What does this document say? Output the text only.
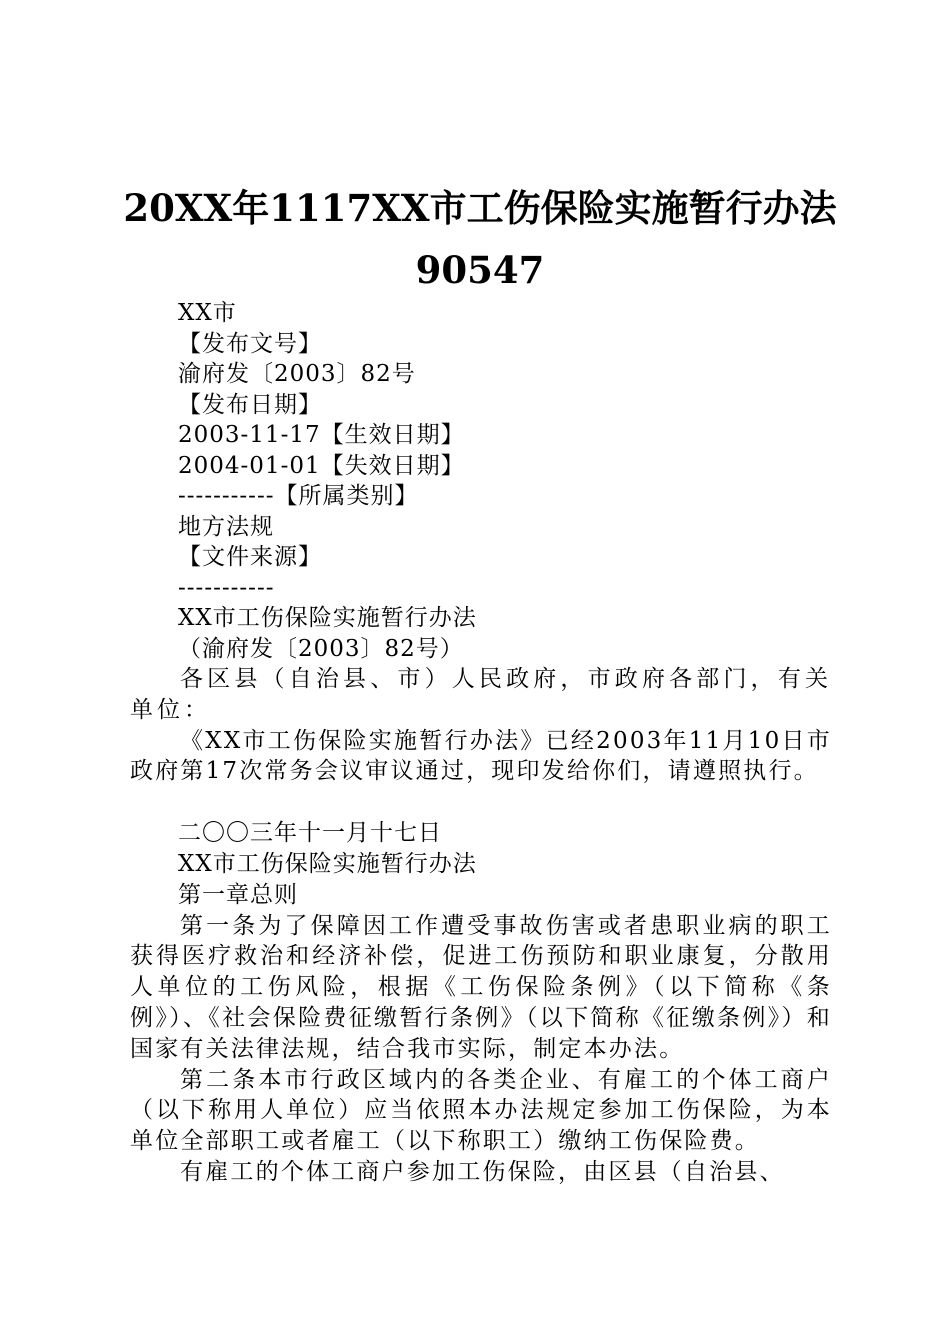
20XX年1117XX市工伤保险实施暂行办法
90547
XX市
【发布文号】
渝府发〔2003〕82号
【发布日期】
2003-11-17【生效日期】
2004-01-01【失效日期】
-----------【所属类别】
地方法规
【文件来源】
-----------
XX市工伤保险实施暂行办法
（渝府发〔2003〕82号）

各区县（自治县、市）人民政府，市政府各部门，有关单位：

《XX市工伤保险实施暂行办法》已经2003年11月10日市政府第17次常务会议审议通过，现印发给你们，请遵照执行。

二〇〇三年十一月十七日

XX市工伤保险实施暂行办法

第一章总则

第一条为了保障因工作遭受事故伤害或者患职业病的职工获得医疗救治和经济补偿，促进工伤预防和职业康复，分散用人单位的工伤风险，根据《工伤保险条例》（以下简称《条例》）、《社会保险费征缴暂行条例》（以下简称《征缴条例》）和国家有关法律法规，结合我市实际，制定本办法。

第二条本市行政区域内的各类企业、有雇工的个体工商户（以下称用人单位）应当依照本办法规定参加工伤保险，为本单位全部职工或者雇工（以下称职工）缴纳工伤保险费。

有雇工的个体工商户参加工伤保险，由区县（自治县、
